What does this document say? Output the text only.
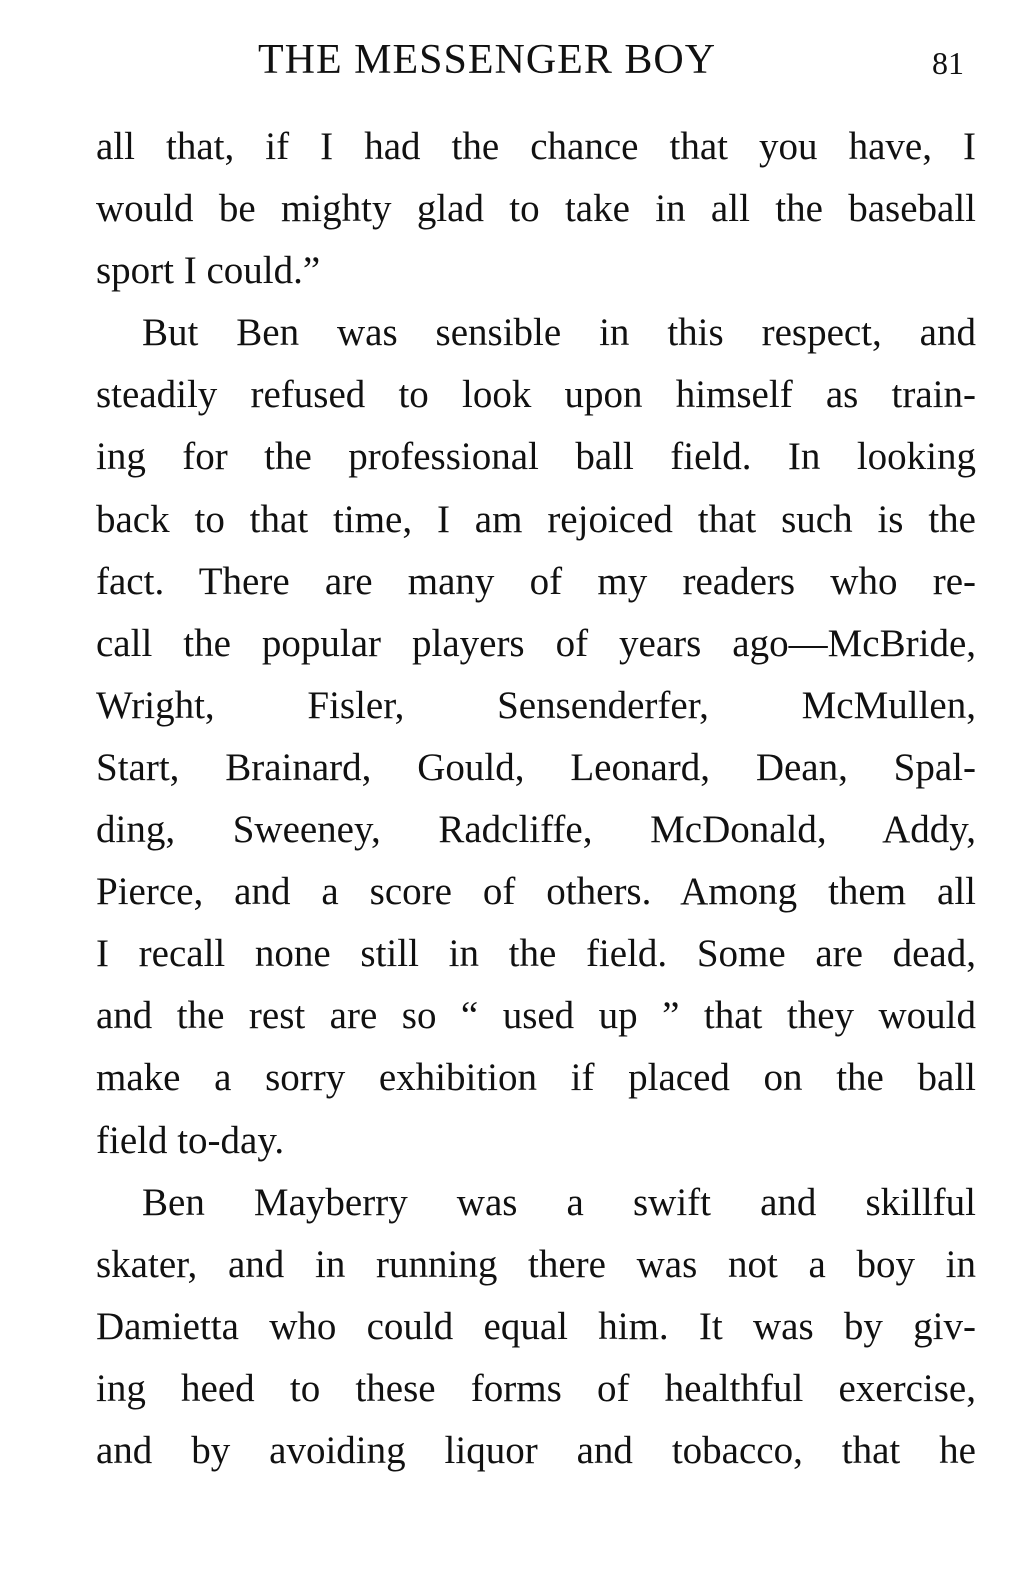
THE MESSENGER BOY	81
all that, if I had the chance that you have, I
would be mighty glad to take in all the baseball
sport I could.”
But Ben was sensible in this respect, and
steadily refused to look upon himself as train-
ing for the professional ball field. In looking
back to that time, I am rejoiced that such is the
fact. There are many of my readers who re-
call the popular players of years ago—McBride,
Wright, Fisler, Sensenderfer, McMullen,
Start, Brainard, Gould, Leonard, Dean, Spal-
ding, Sweeney, Radcliffe, McDonald, Addy,
Pierce, and a score of others. Among them all
I recall none still in the field. Some are dead,
and the rest are so “ used up ” that they would
make a sorry exhibition if placed on the ball
field to-day.
Ben Mayberry was a swift and skillful
skater, and in running there was not a boy in
Damietta who could equal him. It was by giv-
ing heed to these forms of healthful exercise,
and by avoiding liquor and tobacco, that he
